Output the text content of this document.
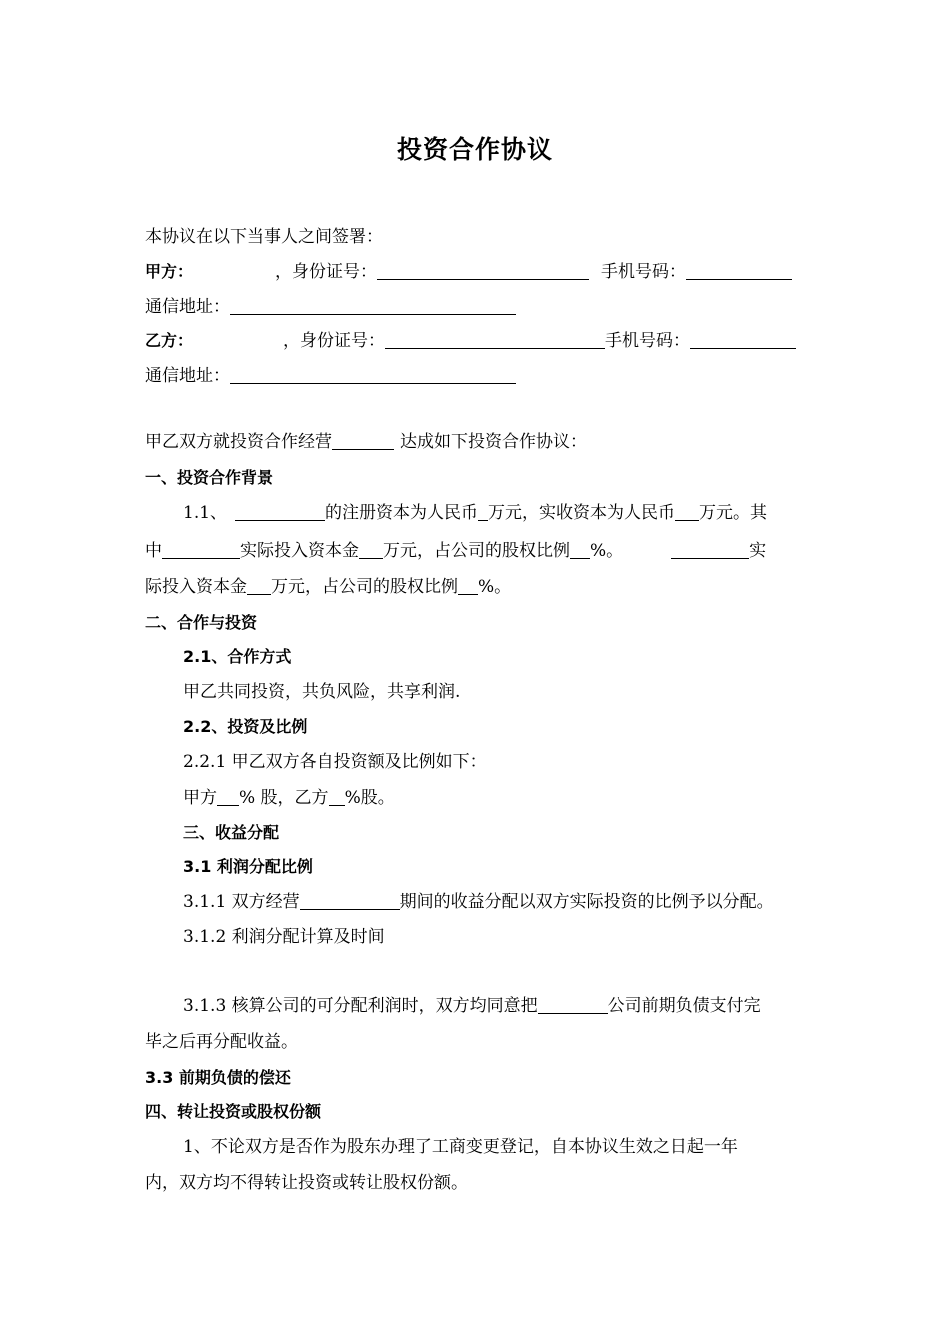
投资合作协议
本协议在以下当事人之间签署：
甲方：	，身份证号：	手机号码：
通信地址：
乙方：	，身份证号：	手机号码：
通信地址：
甲乙双方就投资合作经营	达成如下投资合作协议：
一、投资合作背景
1.1、	的注册资本为人民币 万元，实收资本为人民币 万元。其
中	实际投入资本金 万元，占公司的股权比例 %。	实
际投入资本金 万元，占公司的股权比例 %。
二、合作与投资
2.1、合作方式
甲乙共同投资，共负风险，共享利润.
2.2、投资及比例
2.2.1 甲乙双方各自投资额及比例如下：
甲方 % 股，乙方 %股。
三、收益分配
3.1 利润分配比例
3.1.1 双方经营	期间的收益分配以双方实际投资的比例予以分配。
3.1.2 利润分配计算及时间
3.1.3 核算公司的可分配利润时，双方均同意把	公司前期负债支付完
毕之后再分配收益。
3.3 前期负债的偿还
四、转让投资或股权份额
1、不论双方是否作为股东办理了工商变更登记，自本协议生效之日起一年
内，双方均不得转让投资或转让股权份额。
